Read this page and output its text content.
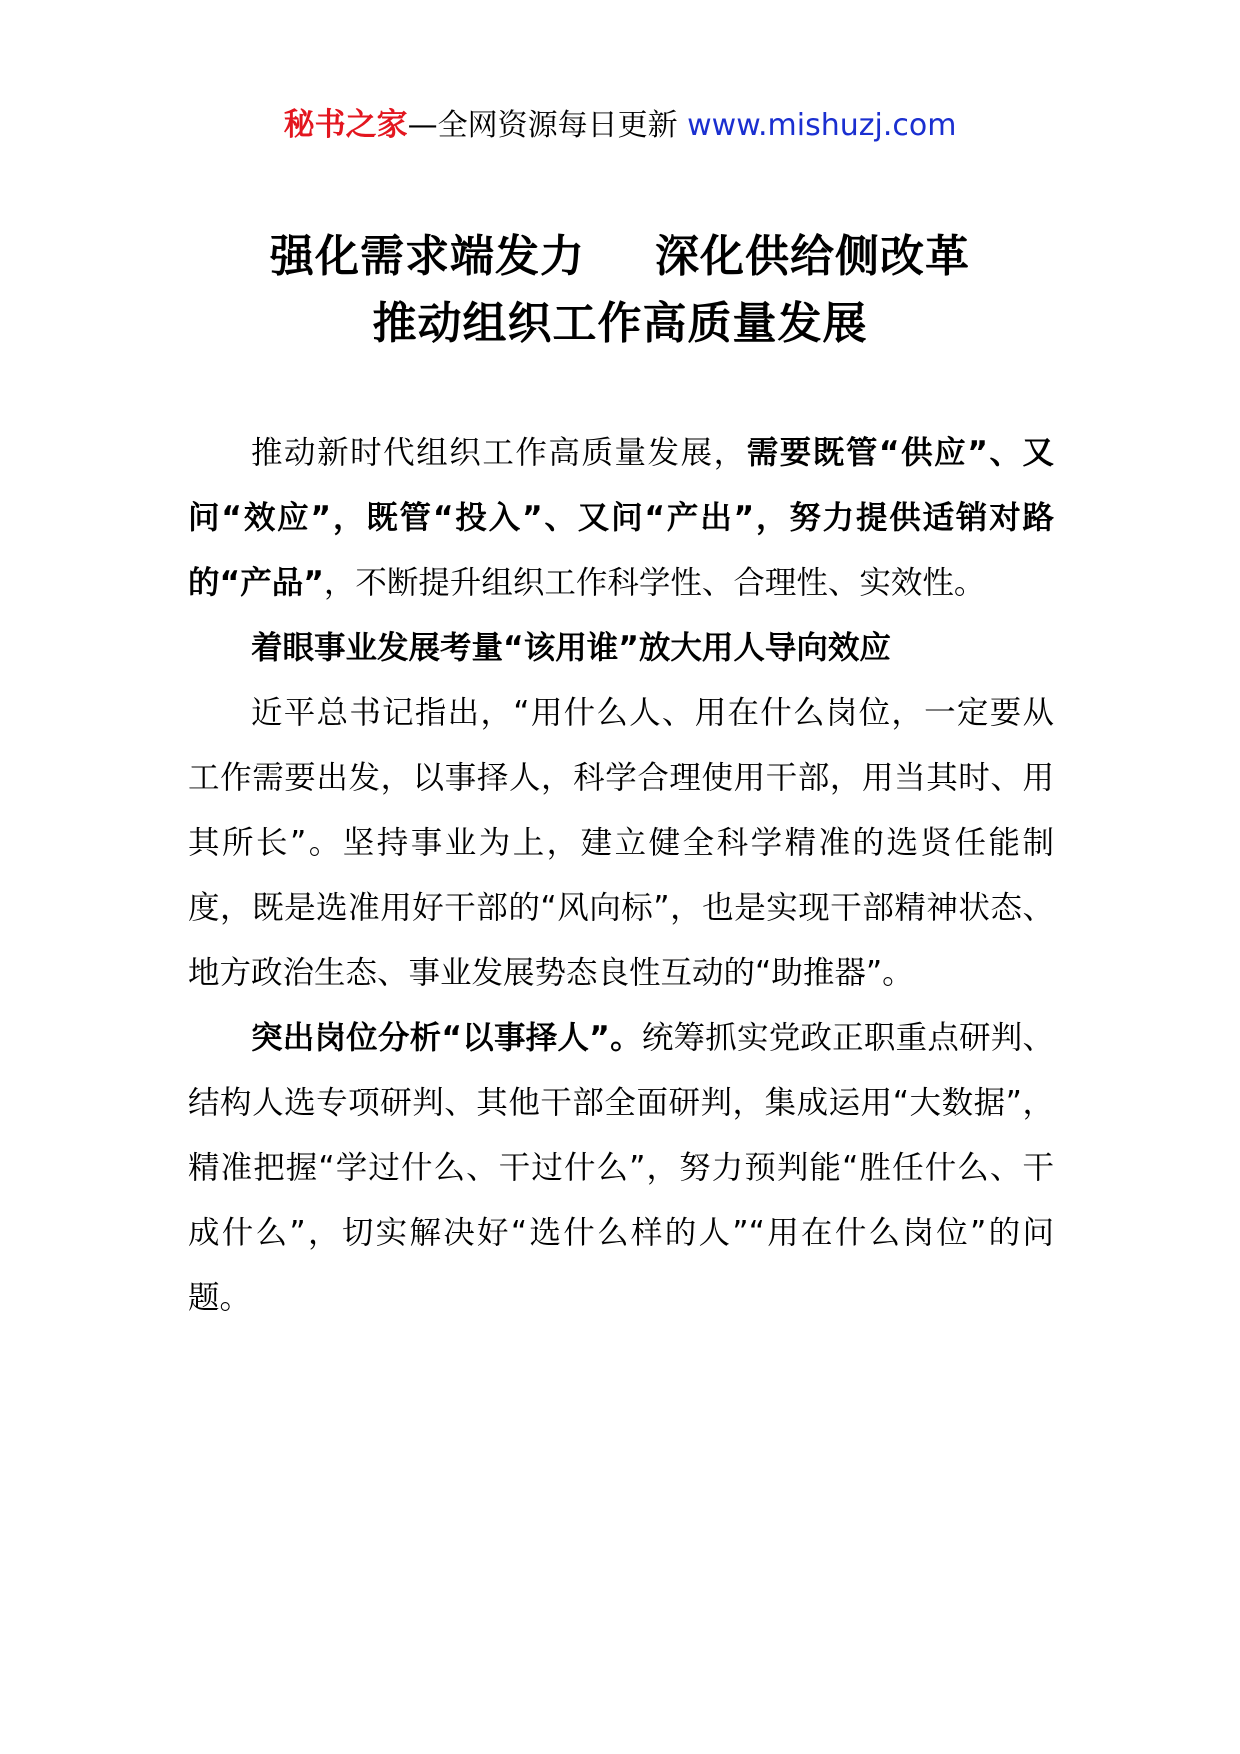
秘书之家—全网资源每日更新 www.mishuzj.com
强化需求端发力 深化供给侧改革
推动组织工作高质量发展

推动新时代组织工作高质量发展，需要既管“供应”、又问“效应”，既管“投入”、又问“产出”，努力提供适销对路的“产品”，不断提升组织工作科学性、合理性、实效性。

着眼事业发展考量“该用谁”放大用人导向效应

近平总书记指出，“用什么人、用在什么岗位，一定要从工作需要出发，以事择人，科学合理使用干部，用当其时、用其所长”。坚持事业为上，建立健全科学精准的选贤任能制度，既是选准用好干部的“风向标”，也是实现干部精神状态、地方政治生态、事业发展势态良性互动的“助推器”。

突出岗位分析“以事择人”。统筹抓实党政正职重点研判、结构人选专项研判、其他干部全面研判，集成运用“大数据”，精准把握“学过什么、干过什么”，努力预判能“胜任什么、干成什么”，切实解决好“选什么样的人”“用在什么岗位”的问题。
